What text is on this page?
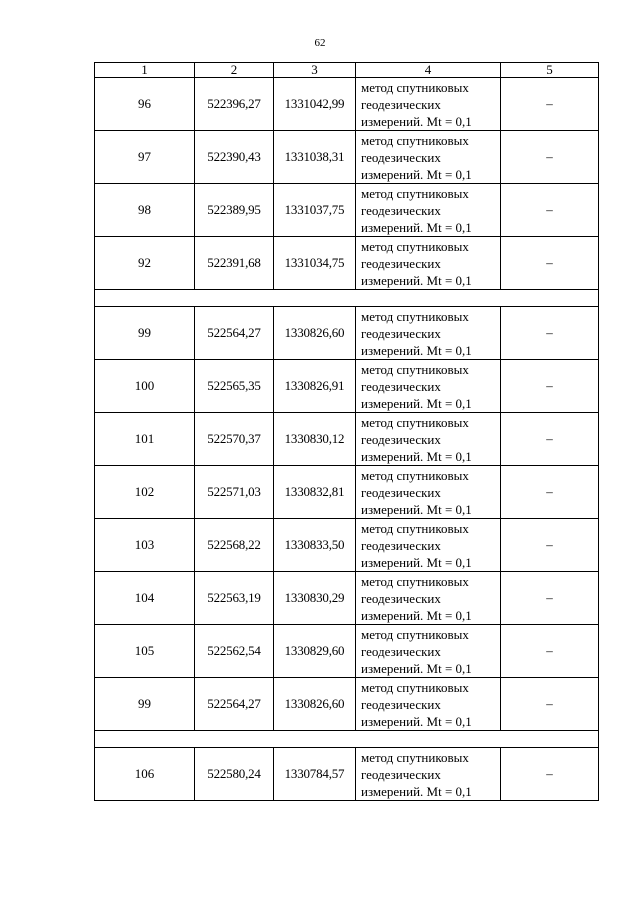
62
1	2	3	4	5
96	522396,27	1331042,99	метод спутниковых
геодезических
измерений. Mt = 0,1	–
97	522390,43	1331038,31	метод спутниковых
геодезических
измерений. Mt = 0,1	–
98	522389,95	1331037,75	метод спутниковых
геодезических
измерений. Mt = 0,1	–
92	522391,68	1331034,75	метод спутниковых
геодезических
измерений. Mt = 0,1	–

99	522564,27	1330826,60	метод спутниковых
геодезических
измерений. Mt = 0,1	–
100	522565,35	1330826,91	метод спутниковых
геодезических
измерений. Mt = 0,1	–
101	522570,37	1330830,12	метод спутниковых
геодезических
измерений. Mt = 0,1	–
102	522571,03	1330832,81	метод спутниковых
геодезических
измерений. Mt = 0,1	–
103	522568,22	1330833,50	метод спутниковых
геодезических
измерений. Mt = 0,1	–
104	522563,19	1330830,29	метод спутниковых
геодезических
измерений. Mt = 0,1	–
105	522562,54	1330829,60	метод спутниковых
геодезических
измерений. Mt = 0,1	–
99	522564,27	1330826,60	метод спутниковых
геодезических
измерений. Mt = 0,1	–

106	522580,24	1330784,57	метод спутниковых
геодезических
измерений. Mt = 0,1	–
